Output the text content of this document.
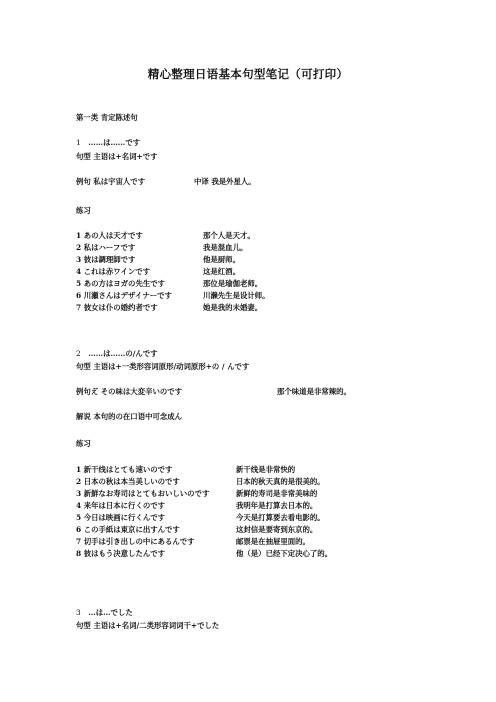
精心整理日语基本句型笔记（可打印）
第一类 肯定陈述句
1 ……は……です
句型 主语は+名词+です
例句 私は宇宙人です	中译 我是外星人。
练习
1 あの人は天才です	那个人是天才。
2 私はハーフです	我是混血儿。
3 彼は調理師です	他是厨师。
4 これは赤ワインです	这是红酒。
5 あの方はヨガの先生です	那位是瑜伽老师。
6 川瀬さんはデザイナーです	川濑先生是设计师。
7 彼女は仆の婚约者です	她是我的未婚妻。
2 ……は……の/んです
句型 主语は+一类形容词原形/动词原形+の / んです
例句え゙ その味は大変辛いのです	那个味道是非常辣的。
解说 本句的の在口语中可念成ん
练习
1 新干线はとても速いのです	新干线是非常快的
2 日本の秋は本当美しいのです	日本的秋天真的是很美的。
3 新鮮なお寿司はとてもおいしいのです	新鲜的寿司是非常美味的
4 来年は日本に行くのです	我明年是打算去日本的。
5 今日は映画に行くんです	今天是打算要去看电影的。
6 この手紙は東京に出すんです	这封信是要寄到东京的。
7 切手は引き出しの中にあるんです	邮票是在抽屉里面的。
8 彼はもう决意したんです	他（是）已经下定决心了的。
3 …は…でした
句型 主语は+名词/二类形容词词干+でした
